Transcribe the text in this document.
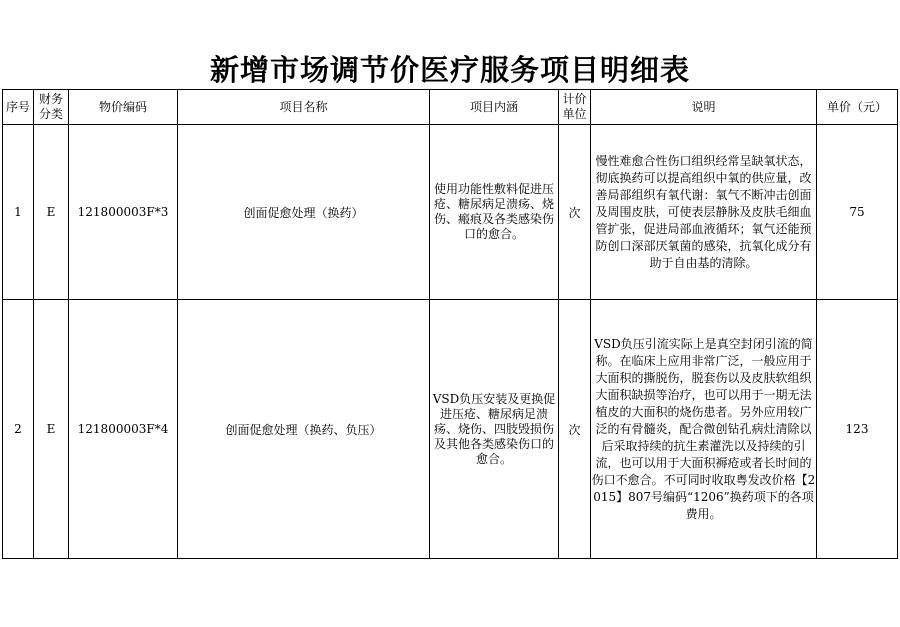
新增市场调节价医疗服务项目明细表
序号	财务分类	物价编码	项目名称	项目内涵	计价单位	说明	单价（元）
1	E	121800003F*3	创面促愈处理（换药）	使用功能性敷料促进压疮、糖尿病足溃疡、烧伤、瘢痕及各类感染伤口的愈合。	次	慢性难愈合性伤口组织经常呈缺氧状态，彻底换药可以提高组织中氧的供应量，改善局部组织有氧代谢：氧气不断冲击创面及周围皮肤，可使表层静脉及皮肤毛细血管扩张，促进局部血液循环；氧气还能预防创口深部厌氧菌的感染，抗氧化成分有助于自由基的清除。	75
2	E	121800003F*4	创面促愈处理（换药、负压）	VSD负压安装及更换促进压疮、糖尿病足溃疡、烧伤、四肢毁损伤及其他各类感染伤口的愈合。	次	VSD负压引流实际上是真空封闭引流的简称。在临床上应用非常广泛，一般应用于大面积的撕脱伤，脱套伤以及皮肤软组织大面积缺损等治疗，也可以用于一期无法植皮的大面积的烧伤患者。另外应用较广泛的有骨髓炎，配合微创钻孔病灶清除以后采取持续的抗生素灌洗以及持续的引流，也可以用于大面积褥疮或者长时间的伤口不愈合。不可同时收取粤发改价格【2015】807号编码“1206”换药项下的各项费用。	123
